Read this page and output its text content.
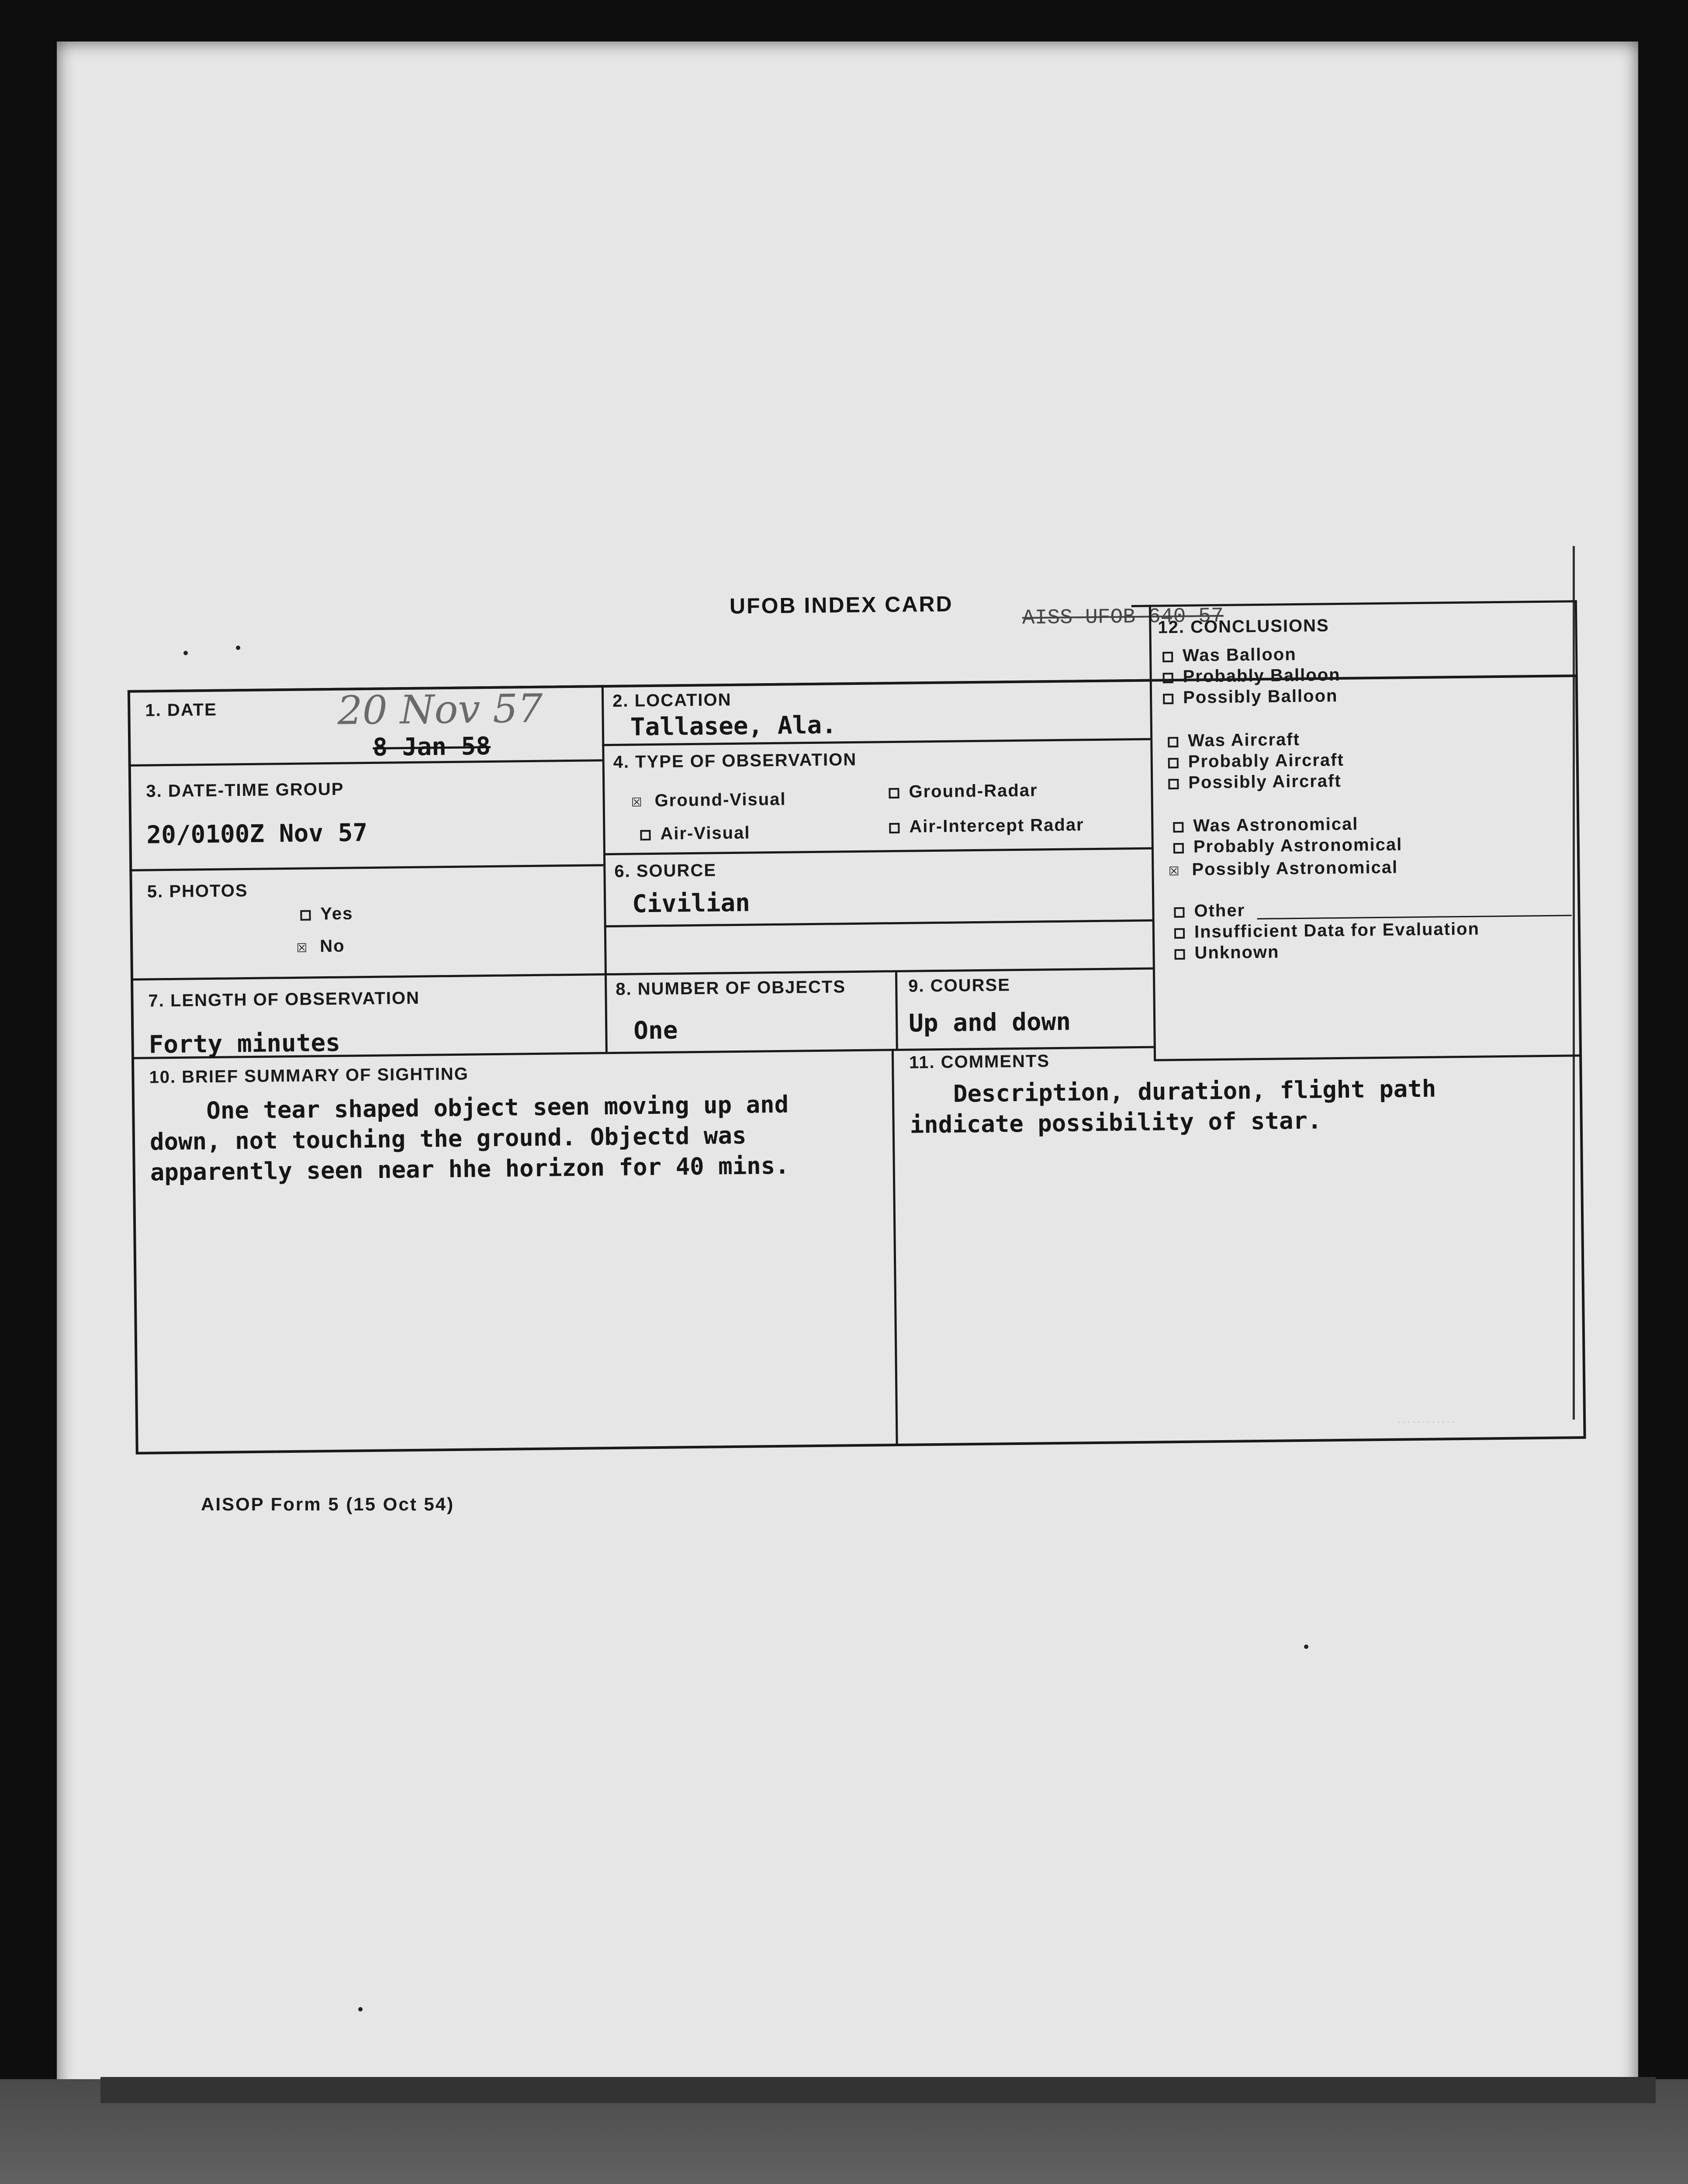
UFOB INDEX CARD	AISS-UFOB-640-57
1. DATE	20 Nov 57
8 Jan 58
2. LOCATION
Tallasee, Ala.
3. DATE-TIME GROUP
20/0100Z Nov 57
4. TYPE OF OBSERVATION
☒ Ground-Visual	Ground-Radar
Air-Visual	Air-Intercept Radar
5. PHOTOS
Yes
☒ No
6. SOURCE
Civilian
7. LENGTH OF OBSERVATION
Forty minutes
8. NUMBER OF OBJECTS
One
9. COURSE
Up and down
10. BRIEF SUMMARY OF SIGHTING
One tear shaped object seen moving up and
down, not touching the ground. Objectd was
apparently seen near hhe horizon for 40 mins.
11. COMMENTS
Description, duration, flight path
indicate possibility of star.
12. CONCLUSIONS
Was Balloon
Probably Balloon
Possibly Balloon
Was Aircraft
Probably Aircraft
Possibly Aircraft
Was Astronomical
Probably Astronomical
☒ Possibly Astronomical
Other
Insufficient Data for Evaluation
Unknown
· · · · · · · · · · · ·
AISOP Form 5 (15 Oct 54)
